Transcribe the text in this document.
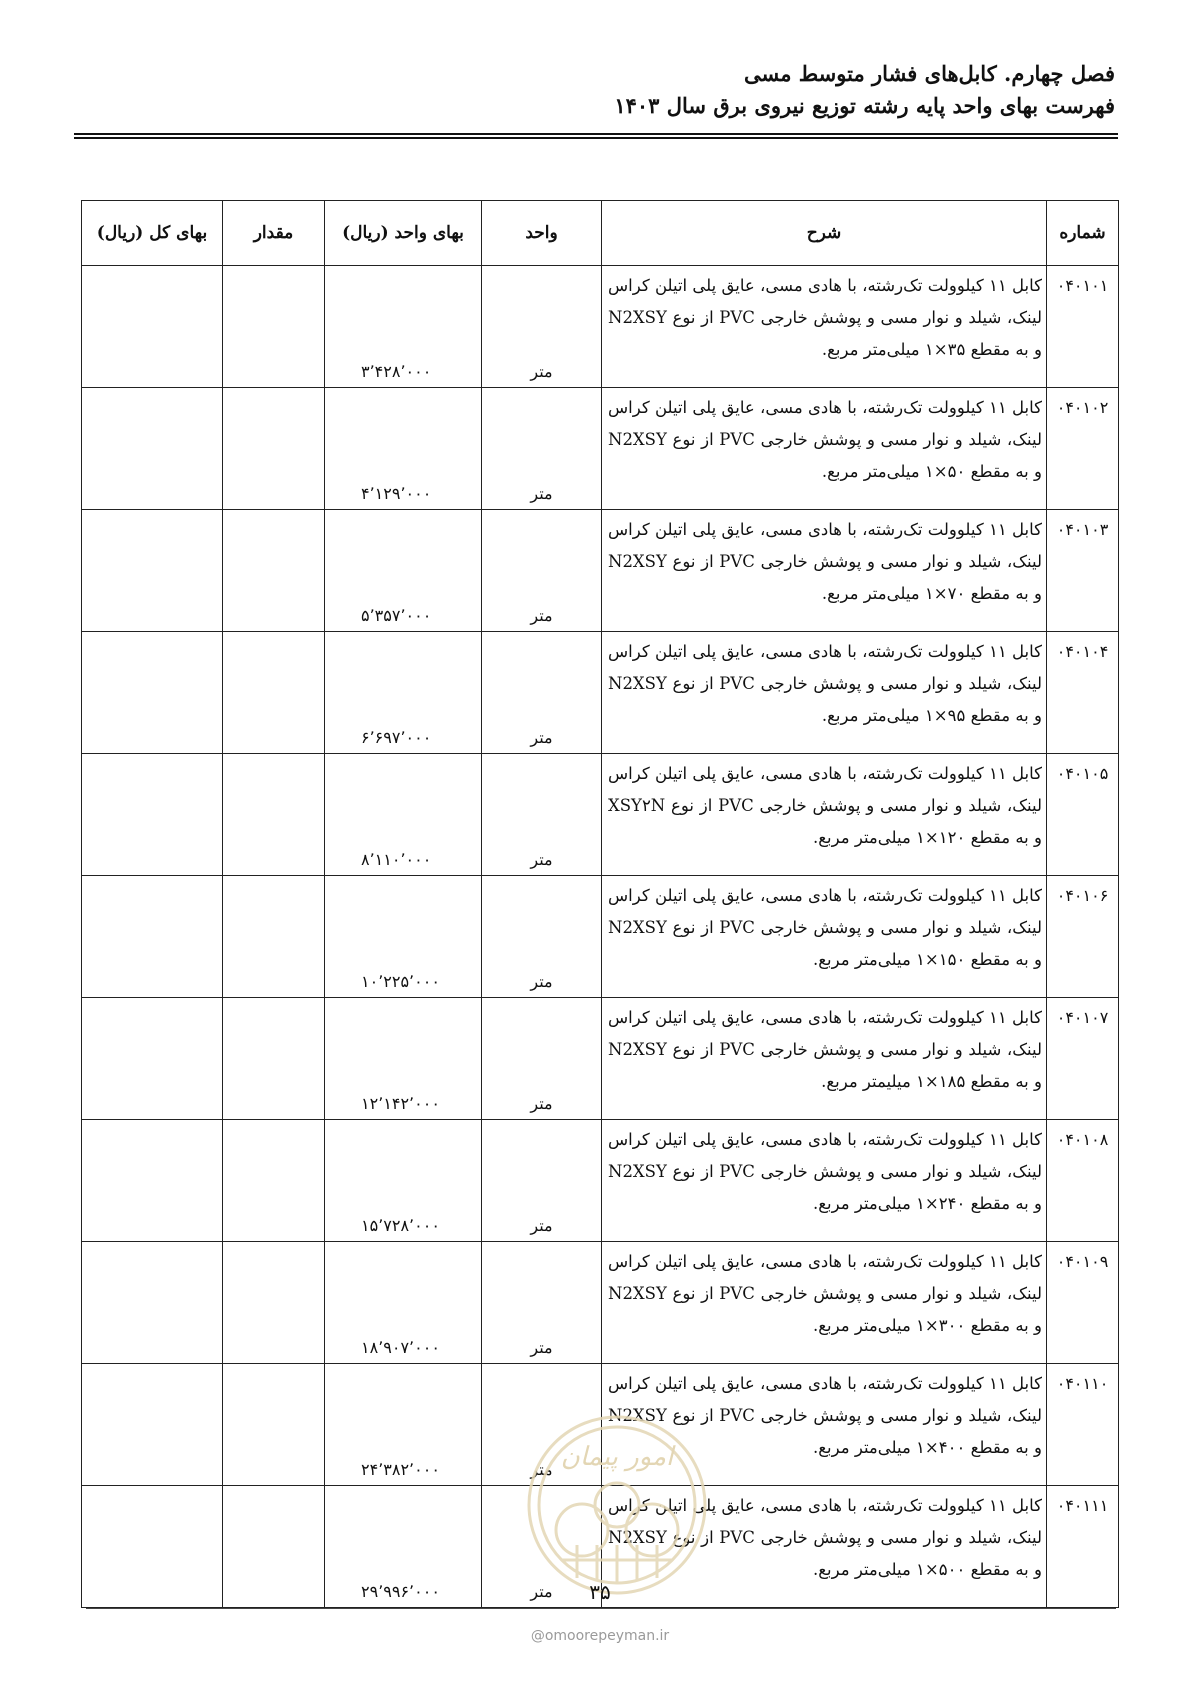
فصل چهارم. کابل‌های فشار متوسط مسی
فهرست بهای واحد پایه رشته توزیع نیروی برق سال ۱۴۰۳
شماره	شرح	واحد	بهای واحد (ریال)	مقدار	بهای کل (ریال)
۰۴۰۱۰۱	کابل ۱۱ کیلوولت تک‌رشته، با هادی مسی، عایق پلی اتیلن کراس لینک، شیلد و نوار مسی و پوشش خارجی PVC از نوع N2XSY و به مقطع ۳۵×۱ میلی‌متر مربع.	متر	۳٬۴۲۸٬۰۰۰		
۰۴۰۱۰۲	کابل ۱۱ کیلوولت تک‌رشته، با هادی مسی، عایق پلی اتیلن کراس لینک، شیلد و نوار مسی و پوشش خارجی PVC از نوع N2XSY و به مقطع ۵۰×۱ میلی‌متر مربع.	متر	۴٬۱۲۹٬۰۰۰		
۰۴۰۱۰۳	کابل ۱۱ کیلوولت تک‌رشته، با هادی مسی، عایق پلی اتیلن کراس لینک، شیلد و نوار مسی و پوشش خارجی PVC از نوع N2XSY و به مقطع ۷۰×۱ میلی‌متر مربع.	متر	۵٬۳۵۷٬۰۰۰		
۰۴۰۱۰۴	کابل ۱۱ کیلوولت تک‌رشته، با هادی مسی، عایق پلی اتیلن کراس لینک، شیلد و نوار مسی و پوشش خارجی PVC از نوع N2XSY و به مقطع ۹۵×۱ میلی‌متر مربع.	متر	۶٬۶۹۷٬۰۰۰		
۰۴۰۱۰۵	کابل ۱۱ کیلوولت تک‌رشته، با هادی مسی، عایق پلی اتیلن کراس لینک، شیلد و نوار مسی و پوشش خارجی PVC از نوع XSY۲N و به مقطع ۱۲۰×۱ میلی‌متر مربع.	متر	۸٬۱۱۰٬۰۰۰		
۰۴۰۱۰۶	کابل ۱۱ کیلوولت تک‌رشته، با هادی مسی، عایق پلی اتیلن کراس لینک، شیلد و نوار مسی و پوشش خارجی PVC از نوع N2XSY و به مقطع ۱۵۰×۱ میلی‌متر مربع.	متر	۱۰٬۲۲۵٬۰۰۰		
۰۴۰۱۰۷	کابل ۱۱ کیلوولت تک‌رشته، با هادی مسی، عایق پلی اتیلن کراس لینک، شیلد و نوار مسی و پوشش خارجی PVC از نوع N2XSY و به مقطع ۱۸۵×۱ میلیمتر مربع.	متر	۱۲٬۱۴۲٬۰۰۰		
۰۴۰۱۰۸	کابل ۱۱ کیلوولت تک‌رشته، با هادی مسی، عایق پلی اتیلن کراس لینک، شیلد و نوار مسی و پوشش خارجی PVC از نوع N2XSY و به مقطع ۲۴۰×۱ میلی‌متر مربع.	متر	۱۵٬۷۲۸٬۰۰۰		
۰۴۰۱۰۹	کابل ۱۱ کیلوولت تک‌رشته، با هادی مسی، عایق پلی اتیلن کراس لینک، شیلد و نوار مسی و پوشش خارجی PVC از نوع N2XSY و به مقطع ۳۰۰×۱ میلی‌متر مربع.	متر	۱۸٬۹۰۷٬۰۰۰		
۰۴۰۱۱۰	کابل ۱۱ کیلوولت تک‌رشته، با هادی مسی، عایق پلی اتیلن کراس لینک، شیلد و نوار مسی و پوشش خارجی PVC از نوع N2XSY و به مقطع ۴۰۰×۱ میلی‌متر مربع.	متر	۲۴٬۳۸۲٬۰۰۰		
۰۴۰۱۱۱	کابل ۱۱ کیلوولت تک‌رشته، با هادی مسی، عایق پلی اتیلن کراس لینک، شیلد و نوار مسی و پوشش خارجی PVC از نوع N2XSY و به مقطع ۵۰۰×۱ میلی‌متر مربع.	متر	۲۹٬۹۹۶٬۰۰۰		
امور پیمان
۳۵
@omoorepeyman.ir
